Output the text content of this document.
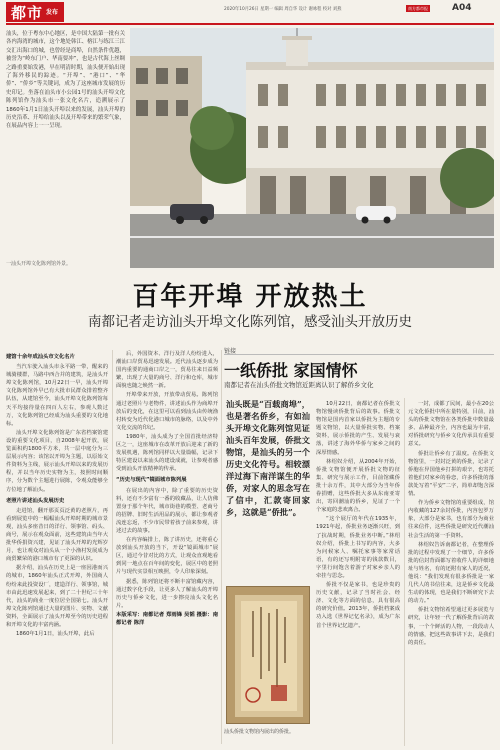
都市 发布	2020年10月26日 星期一 编辑 周自华 设计 谢咏程 校对 刘燕	南方都市报	A04
汕头，位于粤东中心地区，是中国大陆第一批有关各内海湾的城市，这个地处韩江、榕江与练江三江交汇出海口的城，也曾经是商埠，自然条件优越，被誉为“岭东门户、华南要冲”，也是古代海上丝绸之路重要始发港，早在明清时期，汕头便开始出现了海外移民的踪迹。“开埠”、“港口”、“华侨”、“侨乡”等关键词，成为了这座城市发展的历史印记。坐落在汕头市小公园1号的汕头开埠文化陈列馆作为汕头市一张文化名片，追溯展示了1860年1月1日汕头开埠以来的发展，汕头开埠的历史沿革、开埠给汕头以及开埠带来的繁荣气象，在展品内容上一一呈现。
一汕头开埠文化陈列馆外景。
百年开埠 开放热土
南都记者走访汕头开埠文化陈列馆，感受汕头开放历史

建馆十余年成汕头市文化名片

当汽车驶入汕头市永平路一带，醒来的城骑楼群，马路中西合并的建筑，是汕头开埠文化陈列馆，10月22日一早，汕头开埠文化陈列馆外早已有大批市民群众排着整齐队伍，从建馆至今，汕头开埠文化陈列馆每天平均接待量在四百人左右，参观人数过万，文化陈列馆已经成为汕头重要的文化地标。

汕头开埠文化陈列馆是广东省档案馆建设的重要文化项目，自2008年起开放，展览面积约1800平方米，共一层中庭分为三层展示内容；该馆以开埠为主题，以原始文件资料为主线，展示汕头开埠以来的发展历程，并以当年历史实物为主，按照时间顺序，分为数个主题进行展陈，令观众能够全方位地了解汕头。

老照片讲述汕头发展历史

走进馆，翻开那页页泛黄的老照片，再看到展览中的一幅幅汕头开埠时期的城市景观，汕头多座昔日的洋行、领事馆、码头、商号，展示在观众面前，这些建筑由当年大批华侨捐资兴建，见证了汕头开埠的光辉岁月，也让观众对汕头从一个小渔村发展成为商贸繁荣的港口城市有了更深的认识。

据介绍，汕头在历史上是一座因港而兴的城市，1860年汕头正式开埠，外国商人纷纷来此投资设厂，建造洋行、领事馆，城市由此迅速发展起来，到了二十世纪三十年代，汕头的商业一度位居全国第七。汕头开埠文化陈列馆通过大量的图片、实物、文献资料，全面展示了汕头开埠至今的历史进程和开埠文化的丰富内涵。

1860年1月1日，汕头开埠，此后

后，外国资本、洋行及洋人纷纷进入，潮汕口岸贸易迅速发展。近代汕头逐步成为国内重要的通商口岸之一，贸易往来日益频繁，出现了大量的商号、洋行和仓库，城市面貌也随之焕然一新。

开埠带来开放，开放带动贸易。陈列馆通过老照片与老物件，讲述汕头作为商埠开放后的变化，在这里可以看到汕头由传统渔村转变为近代化港口城市的脉络，以及中外文化交流的印记。

1980年，汕头成为了全国首批经济特区之一，这座城市在改革开放后迎来了新的发展机遇，陈列馆同样以大量篇幅，记录下特区建设以来汕头的建设成就，让参观者感受到汕头开放精神的传承。

“历史与现代”镜面城市陈列展

在展出的内容中，除了重要的历史资料，还有不少富有一番的收藏品，让人仿佛置身于那个年代，城市街巷的模型、老商号的招牌、旧时生活用品的展示，都让参观者流连忘返，不少市民带着孩子前来参观，讲述过去的故事。

在内容编排上，陈了讲历史，还将重心放到汕头开放的当下，开设“镜面城市”展区，通过今昔对比的方式，让观众直观地看到同一地点在百年间的变化，展区中的老照片与现代实景相互映照，令人印象深刻。

据悉，陈列馆还将不断丰富馆藏内容，通过数字化手段，让更多人了解汕头的开埠历史与侨乡文化，进一步擦亮汕头文化名片。

本版采写：南都记者 郑雨锋 吴韬 摄影：南都记者 陈洋

链接
一纸侨批 家国情怀
南都记者在汕头侨批文物馆近距离认识了解侨乡文化
汕头既是“百载商埠”，也是著名侨乡，有如汕头开埠文化陈列馆见证汕头百年发展，侨批文物馆，是汕头的另一个历史文化符号。相较漂洋过海下南洋谋生的华侨，对家人的思念写在了信中，汇款寄回家乡，这就是“侨批”。
汕头侨批文物馆内展出的侨批。

10月22日，南都记者在侨批文物馆慢读侨批背后的故事。侨批文物馆是国内首家以侨批为主题的专题文物馆，以大量侨批实物、档案资料，展示侨批的产生、发展与衰落，讲述了海外华侨与家乡之间的深厚情感。

林绍奴介绍，从2004年开始，侨批文物馆便开展侨批文物的征集、研究与展示工作，目前馆藏侨批十余万件，其中大部分为当年侨眷捐赠，这些侨批大多从东南亚寄出，寄回潮汕的侨乡，见证了一个个家庭的悲欢离合。

“这个展厅的年代在1935年，1921年起，侨批业务逐渐兴旺，到了抗战时期，侨批业务中断。”林绍奴介绍，侨批上书写的内容，大多为问候家人、嘱托家事等家常话语，有的还写明附寄的钱款数目，字里行间饱含着游子对家乡亲人的牵挂与思念。

侨批不仅是家书，也是珍贵的历史文献，记录了当时社会、经济、文化等方面的信息，具有很高的研究价值。2013年，侨批档案成功入选《世界记忆名录》，成为广东首个世界记忆遗产。

一封，成都了民间，最小在20公元文化侨批中所在量特别，目前，汕头的侨批文物馆在各类侨批中数量最多、品种最齐全，内容也最为丰富，对侨批研究与侨乡文化传承具有重要意义。

侨批让侨乡有了温度。在侨批文物馆里，一封封泛黄的侨批，记录了侨胞在异国他乡打拼的艰辛，也寄托着他们对家乡的眷恋，许多侨批的落款处写着“平安”二字，简单却饱含深情。

作为侨乡文物馆的重要组成，馆内收藏的127余封侨批，内容包罗万象，大部分是家书，也有部分为商业往来信件，这些侨批是研究近代潮汕社会生活的第一手资料。

林绍奴告诉南都记者，在整理侨批的过程中发现了一个细节，许多侨批的信封背面都写着收件人的详细地址与姓名，有的还附有家人的近况，他说：“我们发现有很多侨批是一家几代人的书信往来，这是侨乡文化最生动的体现，也是我们不断研究下去的动力。”

侨批文物馆希望通过更多展览与研究，让年轻一代了解侨批背后的故事，一个个鲜活的人物，一段段动人的情感，把这些故事讲下去，是我们的责任。
